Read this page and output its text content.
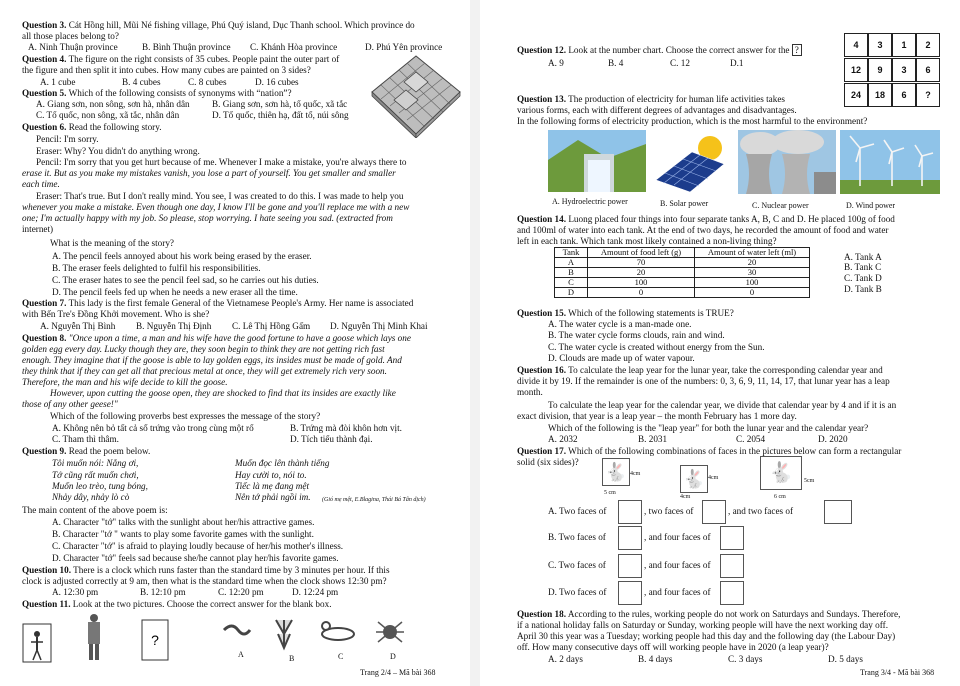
Question 3. Cát Hồng hill, Mũi Né fishing village, Phú Quý island, Dục Thanh school. Which province do
all those places belong to?
A. Ninh Thuận province	B. Bình Thuận province C. Khánh Hòa province	D. Phú Yên province
Question 4. The figure on the right consists of 35 cubes. People paint the outer part of
the figure and then split it into cubes. How many cubes are painted on 3 sides?
A. 1 cube	B. 4 cubes	C. 8 cubes	D. 16 cubes
Question 5. Which of the following consists of synonyms with “nation”?
A. Giang sơn, non sông, sơn hà, nhân dân B. Giang sơn, sơn hà, tổ quốc, xã tắc
C. Tổ quốc, non sông, xã tắc, nhân dân	D. Tổ quốc, thiên hạ, đất tổ, núi sông
Question 6. Read the following story.
Pencil: I'm sorry.
Eraser: Why? You didn't do anything wrong.
Pencil: I'm sorry that you get hurt because of me. Whenever I make a mistake, you're always there to
erase it. But as you make my mistakes vanish, you lose a part of yourself. You get smaller and smaller
each time.
Eraser: That's true. But I don't really mind. You see, I was created to do this. I was made to help you
whenever you make a mistake. Even though one day, I know I'll be gone and you'll replace me with a new
one; I'm actually happy with my job. So please, stop worrying. I hate seeing you sad. (extracted from
internet)
What is the meaning of the story?
A. The pencil feels annoyed about his work being erased by the eraser.
B. The eraser feels delighted to fulfil his responsibilities.
C. The eraser hates to see the pencil feel sad, so he carries out his duties.
D. The pencil feels fed up when he needs a new eraser all the time.
Question 7. This lady is the first female General of the Vietnamese People's Army. Her name is associated
with Bến Tre's Đồng Khởi movement. Who is she?
A. Nguyễn Thị Bình B. Nguyễn Thị Định C. Lê Thị Hồng Gấm D. Nguyễn Thị Minh Khai
Question 8. "Once upon a time, a man and his wife have the good fortune to have a goose which lays one
golden egg every day. Lucky though they are, they soon begin to think they are not getting rich fast
enough. They imagine that if the goose is able to lay golden eggs, its insides must be made of gold. And
they think that if they can get all that precious metal at once, they will get extremely rich very soon.
Therefore, the man and his wife decide to kill the goose.
However, upon cutting the goose open, they are shocked to find that its insides are exactly like
those of any other geese!"
Which of the following proverbs best expresses the message of the story?
A. Không nên bỏ tất cả số trứng vào trong cùng một rổ	B. Trứng mà đòi khôn hơn vịt.
C. Tham thì thâm.	D. Tích tiểu thành đại.
Question 9. Read the poem below.
Tôi muốn nói: Nắng ơi,
Tớ cũng rất muốn chơi,
Muốn leo trèo, tung bóng,
Nhảy dây, nhảy lò cò
Muốn đọc lên thành tiếng
Hay cười to, nói to.
Tiếc là mẹ đang mệt
Nên tớ phải ngồi im. (Gió mẹ mệt, E.Blagina, Thái Bá Tân dịch)
The main content of the above poem is:
A. Character "tớ" talks with the sunlight about her/his attractive games.
B. Character "tớ " wants to play some favorite games with the sunlight.
C. Character "tớ" is afraid to playing loudly because of her/his mother's illness.
D. Character "tớ" feels sad because she/he cannot play her/his favorite games.
Question 10. There is a clock which runs faster than the standard time by 3 minutes per hour. If this
clock is adjusted correctly at 9 am, then what is the standard time when the clock shows 12:30 pm?
A. 12:30 pm	B. 12:10 pm	C. 12:20 pm	D. 12:24 pm
Question 11. Look at the two pictures. Choose the correct answer for the blank box.
?
A	B	C	D
Trang 2/4 – Mã bài 368
Question 12. Look at the number chart. Choose the correct answer for the ?
A. 9	B. 4	C. 12	D.1
4	3	1	2
12	9	3	6
24	18	6	?
Question 13. The production of electricity for human life activities takes
various forms, each with different degrees of advantages and disadvantages.
In the following forms of electricity production, which is the most harmful to the environment?
A. Hydroelectric power	B. Solar power	C. Nuclear power	D. Wind power
Question 14. Luong placed four things into four separate tanks A, B, C and D. He placed 100g of food
and 100ml of water into each tank. At the end of two days, he recorded the amount of food and water
left in each tank. Which tank most likely contained a non-living thing?
Tank	Amount of food left (g)	Amount of water left (ml)
A	70	20
B	20	30
C	100	100
D	0	0
A. Tank A
B. Tank C
C. Tank D
D. Tank B
Question 15. Which of the following statements is TRUE?
A. The water cycle is a man-made one.
B. The water cycle forms clouds, rain and wind.
C. The water cycle is created without energy from the Sun.
D. Clouds are made up of water vapour.
Question 16. To calculate the leap year for the lunar year, take the corresponding calendar year and
divide it by 19. If the remainder is one of the numbers: 0, 3, 6, 9, 11, 14, 17, that lunar year has a leap
month.
To calculate the leap year for the calendar year, we divide that calendar year by 4 and if it is an
exact division, that year is a leap year – the month February has 1 more day.
Which of the following is the "leap year" for both the lunar year and the calendar year?
A. 2032	B. 2031	C. 2054	D. 2020
Question 17. Which of the following combinations of faces in the pictures below can form a rectangular
solid (six sides)? 🐇	🐇	🐇
4cm
4cm	5cm
5 cm
4cm	6 cm
A. Two faces of	, two faces of	, and two faces of
B. Two faces of	, and four faces of
C. Two faces of	, and four faces of
D. Two faces of	, and four faces of
Question 18. According to the rules, working people do not work on Saturdays and Sundays. Therefore,
if a national holiday falls on Saturday or Sunday, working people will have the next working day off.
April 30 this year was a Tuesday; working people had this day and the following day (the Labour Day)
off. How many consecutive days off will working people have in 2020 (a leap year)?
A. 2 days	B. 4 days	C. 3 days	D. 5 days
Trang 3/4 - Mã bài 368
